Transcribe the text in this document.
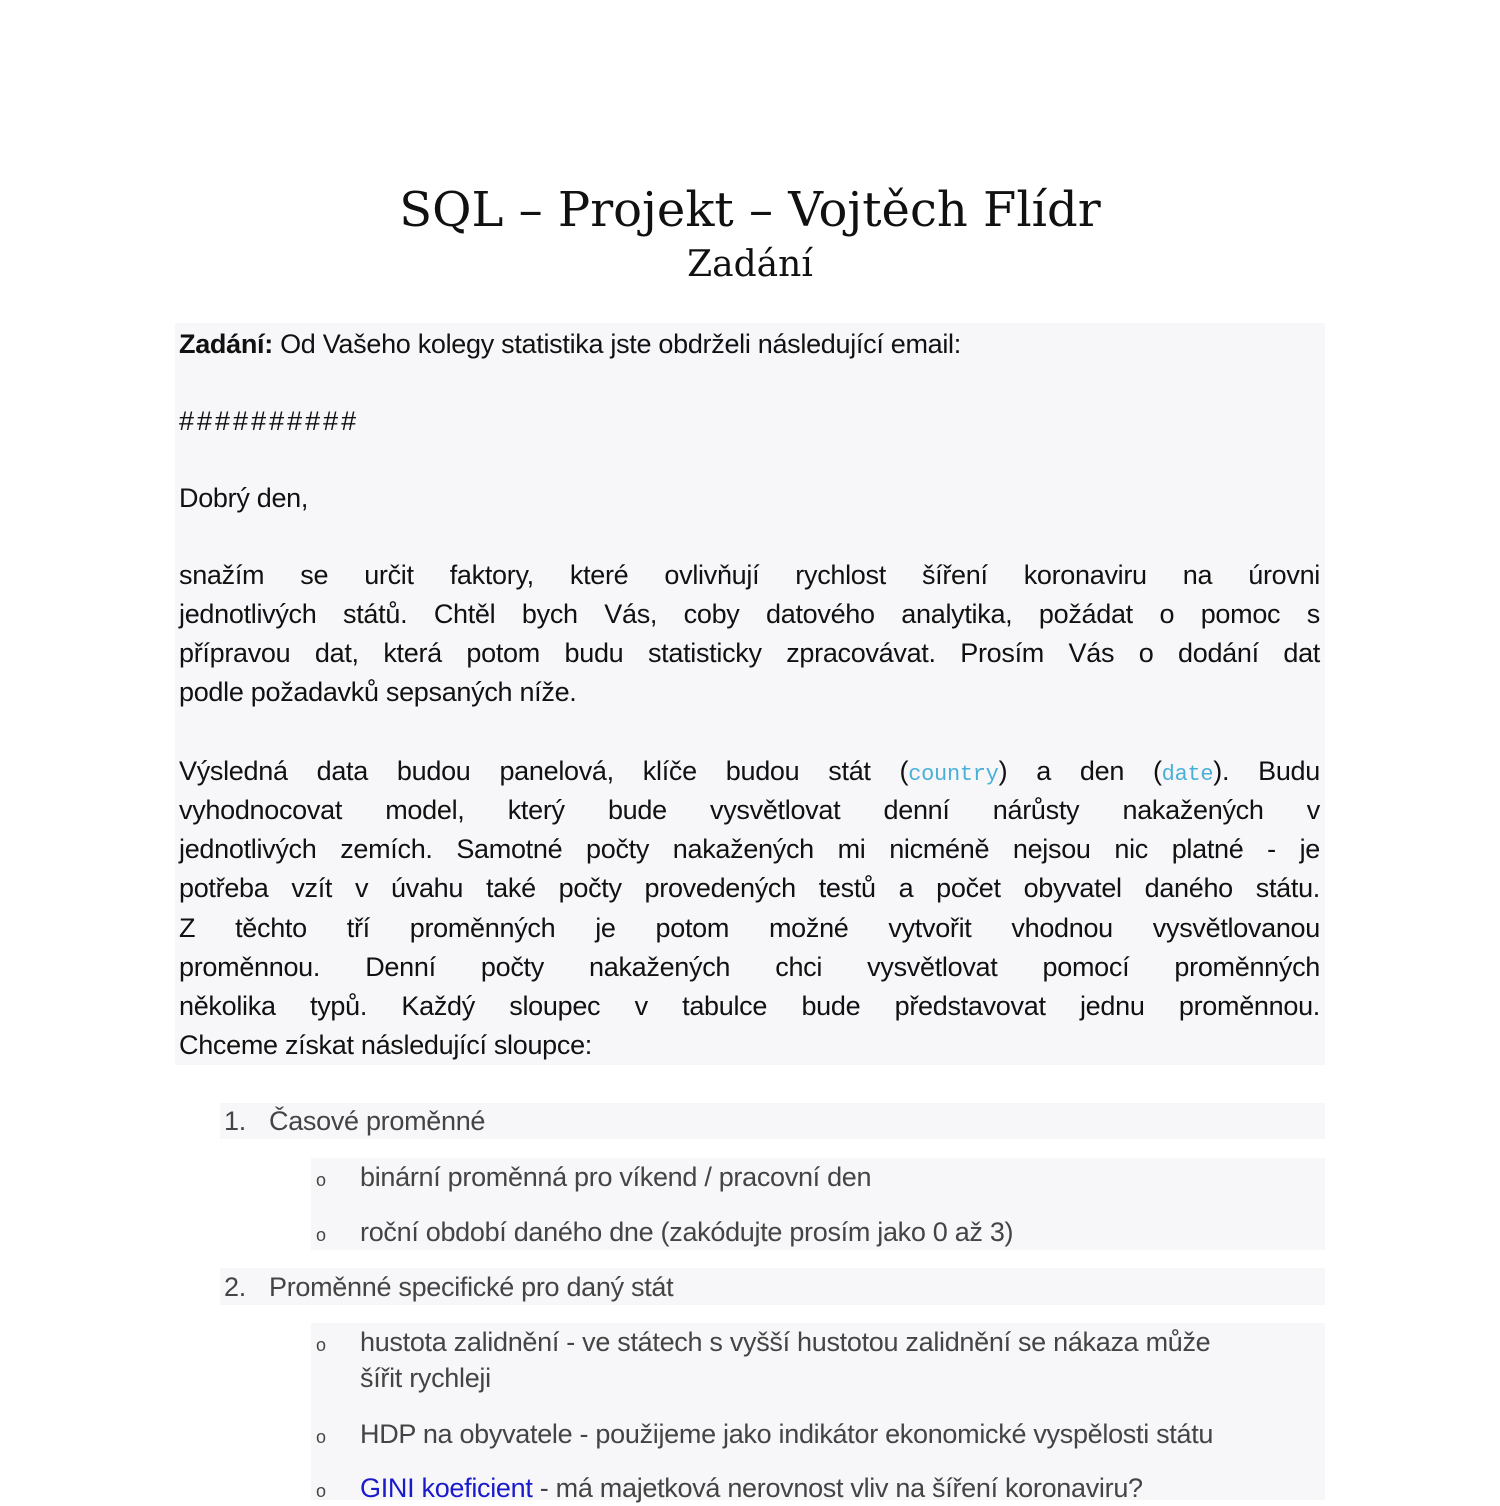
SQL – Projekt – Vojtěch Flídr
Zadání
Zadání: Od Vašeho kolegy statistika jste obdrželi následující email:
##########
Dobrý den,
snažím se určit faktory, které ovlivňují rychlost šíření koronaviru na úrovni
jednotlivých států. Chtěl bych Vás, coby datového analytika, požádat o pomoc s
přípravou dat, která potom budu statisticky zpracovávat. Prosím Vás o dodání dat
podle požadavků sepsaných níže.
Výsledná data budou panelová, klíče budou stát (country) a den (date). Budu
vyhodnocovat model, který bude vysvětlovat denní nárůsty nakažených v
jednotlivých zemích. Samotné počty nakažených mi nicméně nejsou nic platné - je
potřeba vzít v úvahu také počty provedených testů a počet obyvatel daného státu.
Z těchto tří proměnných je potom možné vytvořit vhodnou vysvětlovanou
proměnnou. Denní počty nakažených chci vysvětlovat pomocí proměnných
několika typů. Každý sloupec v tabulce bude představovat jednu proměnnou.
Chceme získat následující sloupce:
1. Časové proměnné
o binární proměnná pro víkend / pracovní den
o roční období daného dne (zakódujte prosím jako 0 až 3)
2. Proměnné specifické pro daný stát
o hustota zalidnění - ve státech s vyšší hustotou zalidnění se nákaza může
šířit rychleji
o HDP na obyvatele - použijeme jako indikátor ekonomické vyspělosti státu
o GINI koeficient - má majetková nerovnost vliv na šíření koronaviru?
